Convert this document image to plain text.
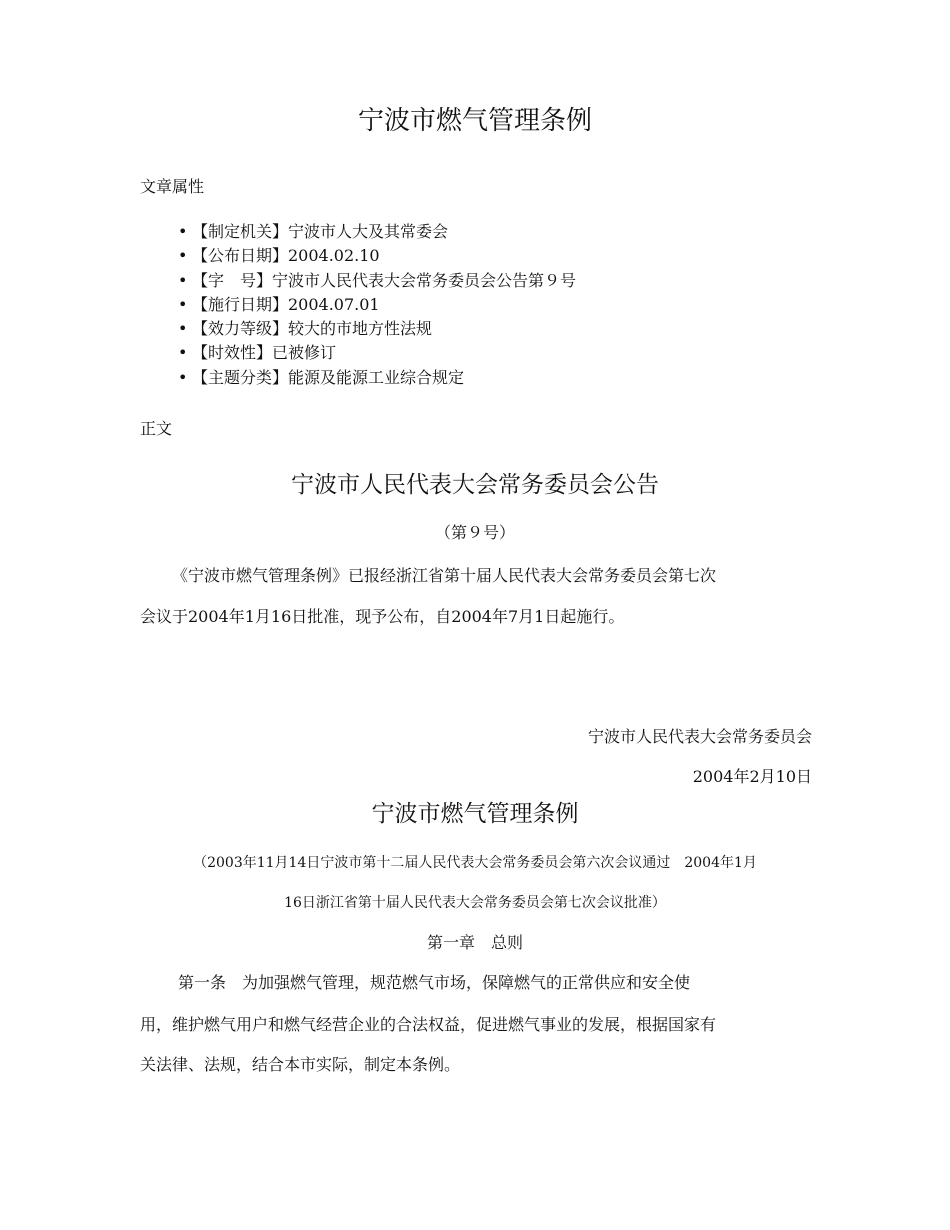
宁波市燃气管理条例
文章属性
• 【制定机关】宁波市人大及其常委会
• 【公布日期】2004.02.10
• 【字　号】宁波市人民代表大会常务委员会公告第９号
• 【施行日期】2004.07.01
• 【效力等级】较大的市地方性法规
• 【时效性】已被修订
• 【主题分类】能源及能源工业综合规定
正文
宁波市人民代表大会常务委员会公告
（第９号）
《宁波市燃气管理条例》已报经浙江省第十届人民代表大会常务委员会第七次
会议于2004年1月16日批准，现予公布，自2004年7月1日起施行。
宁波市人民代表大会常务委员会
2004年2月10日
宁波市燃气管理条例
（2003年11月14日宁波市第十二届人民代表大会常务委员会第六次会议通过　2004年1月
16日浙江省第十届人民代表大会常务委员会第七次会议批准）
第一章　总则
第一条　为加强燃气管理，规范燃气市场，保障燃气的正常供应和安全使
用，维护燃气用户和燃气经营企业的合法权益，促进燃气事业的发展，根据国家有
关法律、法规，结合本市实际，制定本条例。
